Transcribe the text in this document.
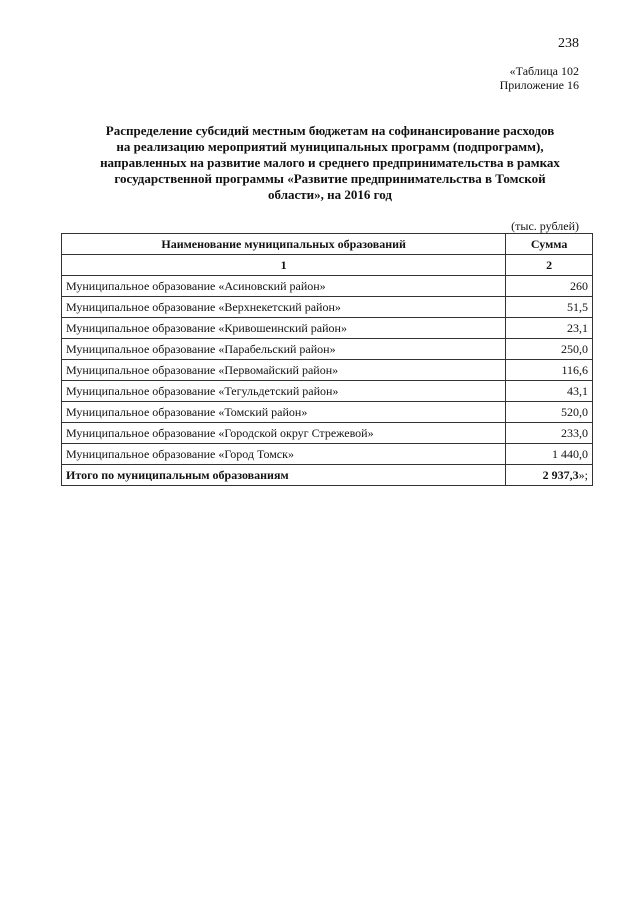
238
«Таблица 102
Приложение 16
Распределение субсидий местным бюджетам на софинансирование расходов
на реализацию мероприятий муниципальных программ (подпрограмм),
направленных на развитие малого и среднего предпринимательства в рамках
государственной программы «Развитие предпринимательства в Томской
области», на 2016 год
(тыс. рублей)
Наименование муниципальных образований	Сумма
1	2
Муниципальное образование «Асиновский район»	260
Муниципальное образование «Верхнекетский район»	51,5
Муниципальное образование «Кривошеинский район»	23,1
Муниципальное образование «Парабельский район»	250,0
Муниципальное образование «Первомайский район»	116,6
Муниципальное образование «Тегульдетский район»	43,1
Муниципальное образование «Томский район»	520,0
Муниципальное образование «Городской округ Стрежевой»	233,0
Муниципальное образование «Город Томск»	1 440,0
Итого по муниципальным образованиям	2 937,3»;
